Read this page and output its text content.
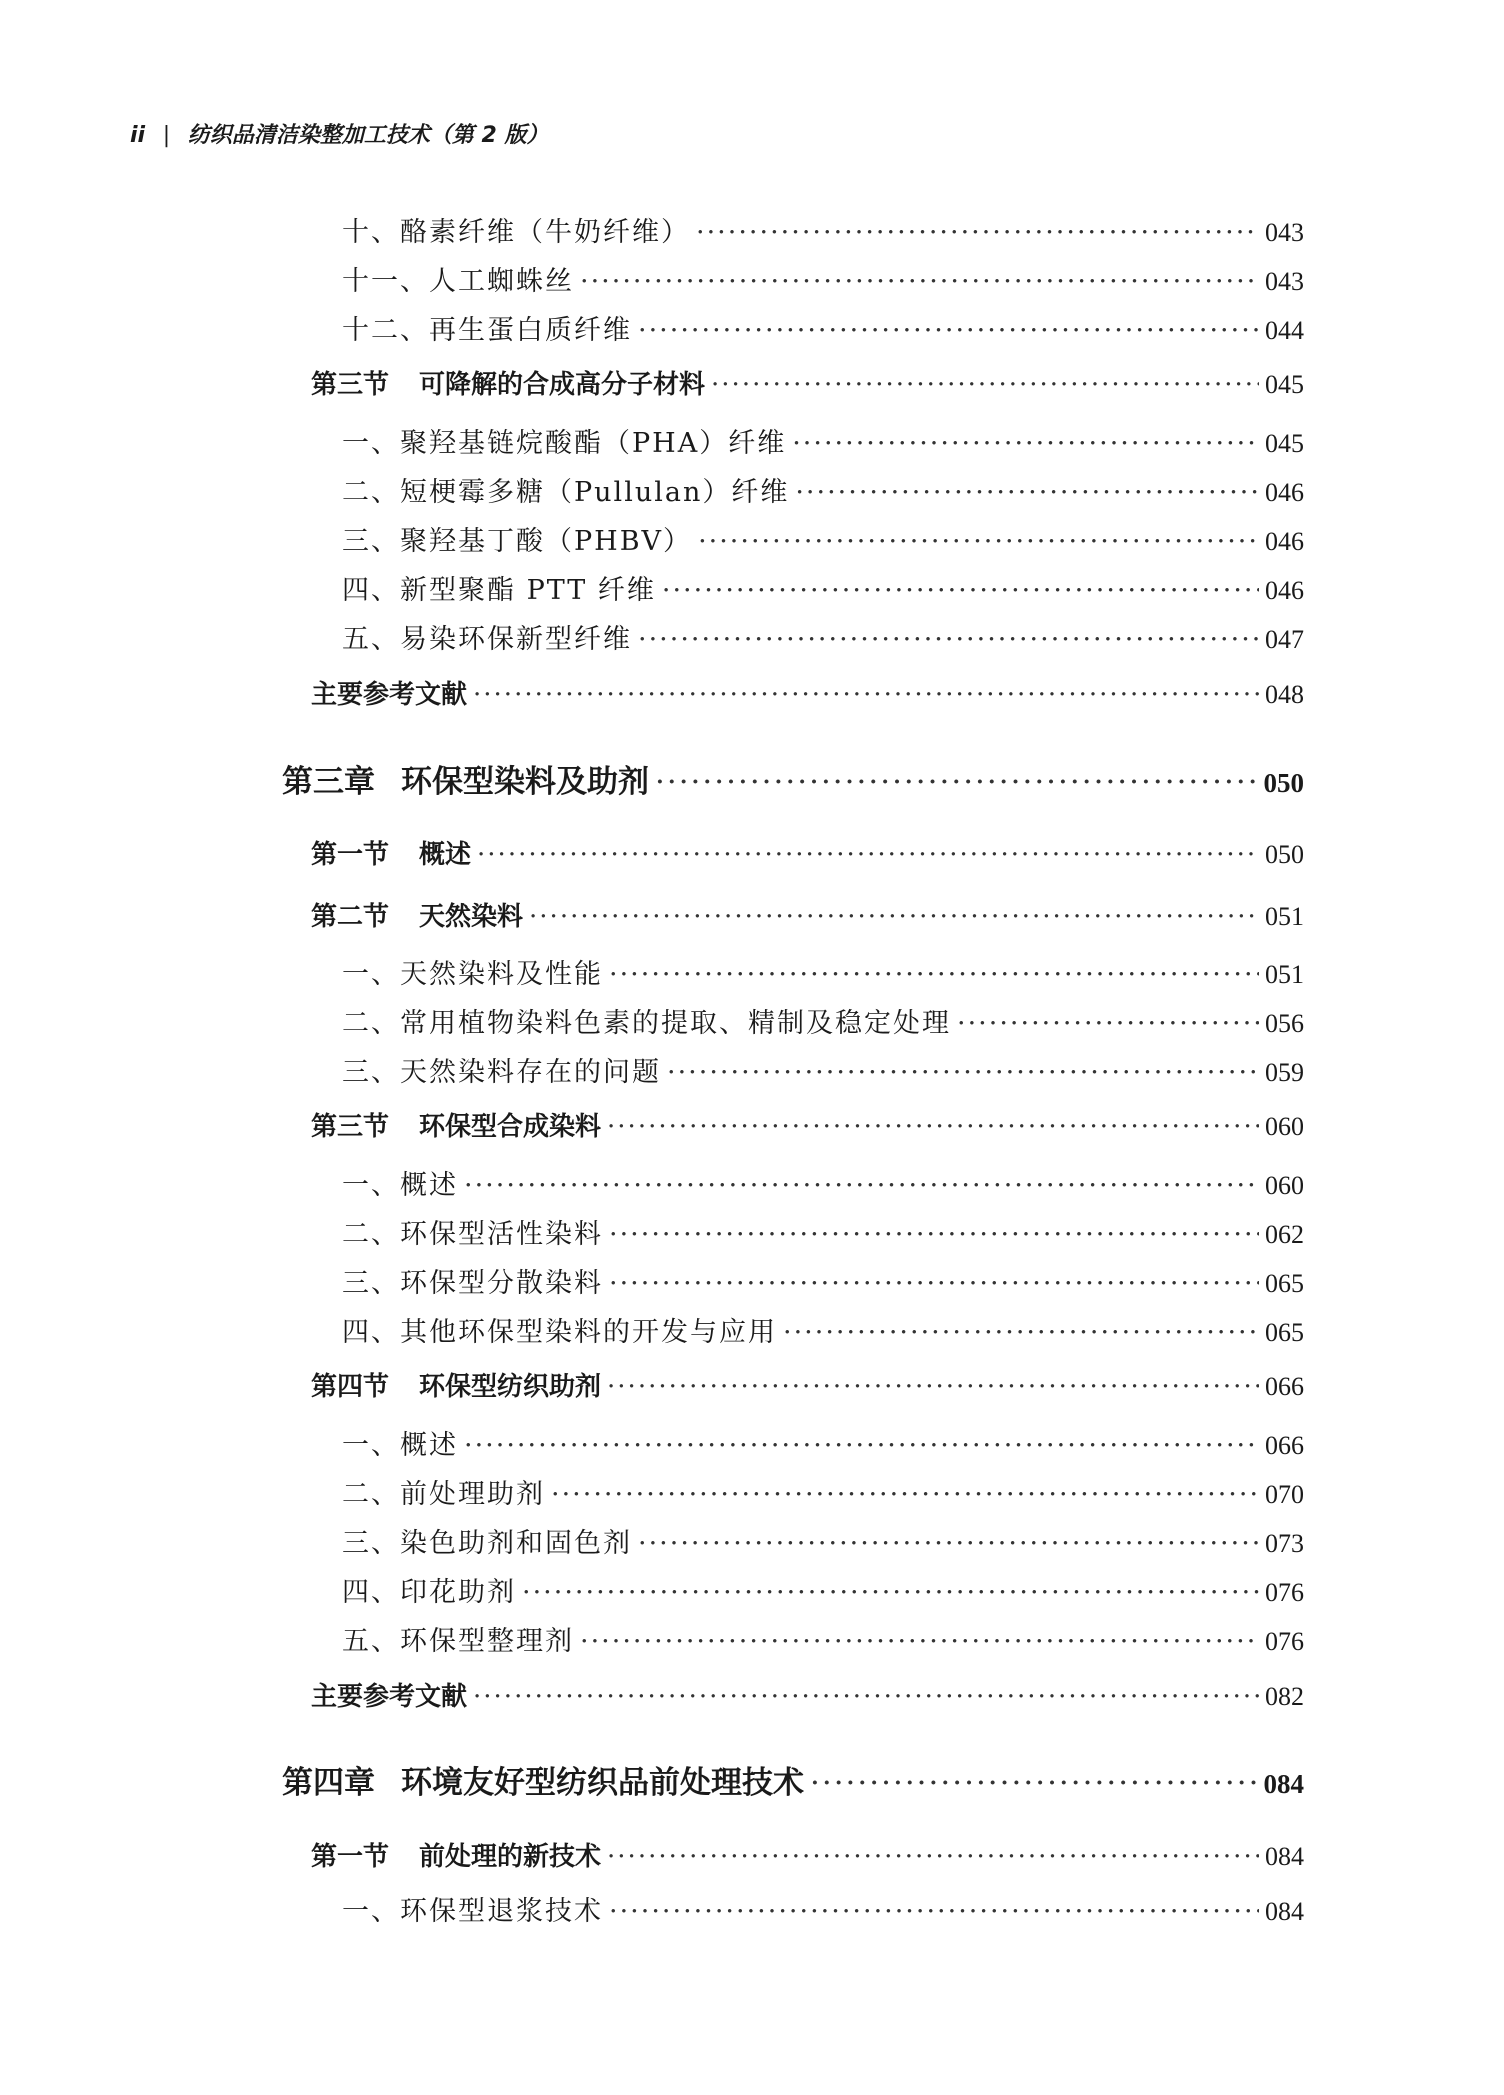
ii | 纺织品清洁染整加工技术（第 2 版）
十、酪素纤维（牛奶纤维） ·····	043
十一、人工蜘蛛丝 ·····	043
十二、再生蛋白质纤维 ·····	044
第三节 可降解的合成高分子材料 ·····	045
一、聚羟基链烷酸酯（PHA）纤维 ·····	045
二、短梗霉多糖（Pullulan）纤维 ·····	046
三、聚羟基丁酸（PHBV） ·····	046
四、新型聚酯 PTT 纤维 ·····	046
五、易染环保新型纤维 ·····	047
主要参考文献 ·····	048
第三章 环保型染料及助剂 ·····	050
第一节 概述 ·····	050
第二节 天然染料 ·····	051
一、天然染料及性能 ·····	051
二、常用植物染料色素的提取、精制及稳定处理 ·····	056
三、天然染料存在的问题 ·····	059
第三节 环保型合成染料 ·····	060
一、概述 ·····	060
二、环保型活性染料 ·····	062
三、环保型分散染料 ·····	065
四、其他环保型染料的开发与应用 ·····	065
第四节 环保型纺织助剂 ·····	066
一、概述 ·····	066
二、前处理助剂 ·····	070
三、染色助剂和固色剂 ·····	073
四、印花助剂 ·····	076
五、环保型整理剂 ·····	076
主要参考文献 ·····	082
第四章 环境友好型纺织品前处理技术 ·····	084
第一节 前处理的新技术 ·····	084
一、环保型退浆技术 ·····	084
